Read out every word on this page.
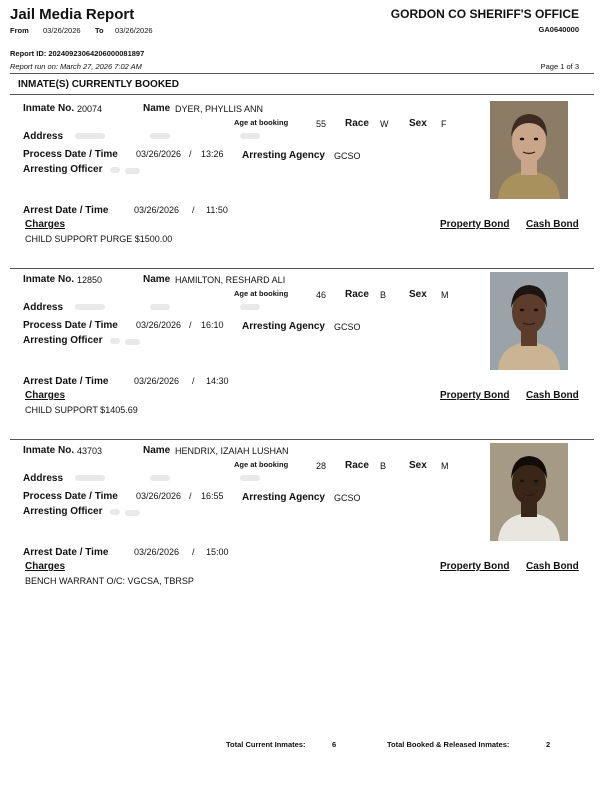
Jail Media Report	GORDON CO SHERIFF'S OFFICE
GA0640000
From 03/26/2026 To 03/26/2026
Report ID: 20240923064206000081897
Report run on: March 27, 2026 7:02 AM	Page 1 of 3
INMATE(S) CURRENTLY BOOKED
Inmate No. 20074	Name DYER, PHYLLIS ANN
Age at booking	55 Race W Sex F
Address
Process Date / Time 03/26/2026 / 13:26 Arresting Agency GCSO
Arresting Officer
Arrest Date / Time	03/26/2026 / 11:50
Charges
CHILD SUPPORT PURGE $1500.00
Property Bond Cash Bond
Inmate No. 12850	Name HAMILTON, RESHARD ALI
Age at booking	46 Race B Sex M
Address
Process Date / Time 03/26/2026 / 16:10 Arresting Agency GCSO
Arresting Officer
Arrest Date / Time	03/26/2026 / 14:30
Charges
CHILD SUPPORT $1405.69
Property Bond Cash Bond
Inmate No. 43703	Name HENDRIX, IZAIAH LUSHAN
Age at booking	28 Race B Sex M
Address
Process Date / Time 03/26/2026 / 16:55 Arresting Agency GCSO
Arresting Officer
Arrest Date / Time	03/26/2026 / 15:00
Charges
BENCH WARRANT O/C: VGCSA, TBRSP
Property Bond Cash Bond
Total Current Inmates:	6	Total Booked & Released Inmates:	2
